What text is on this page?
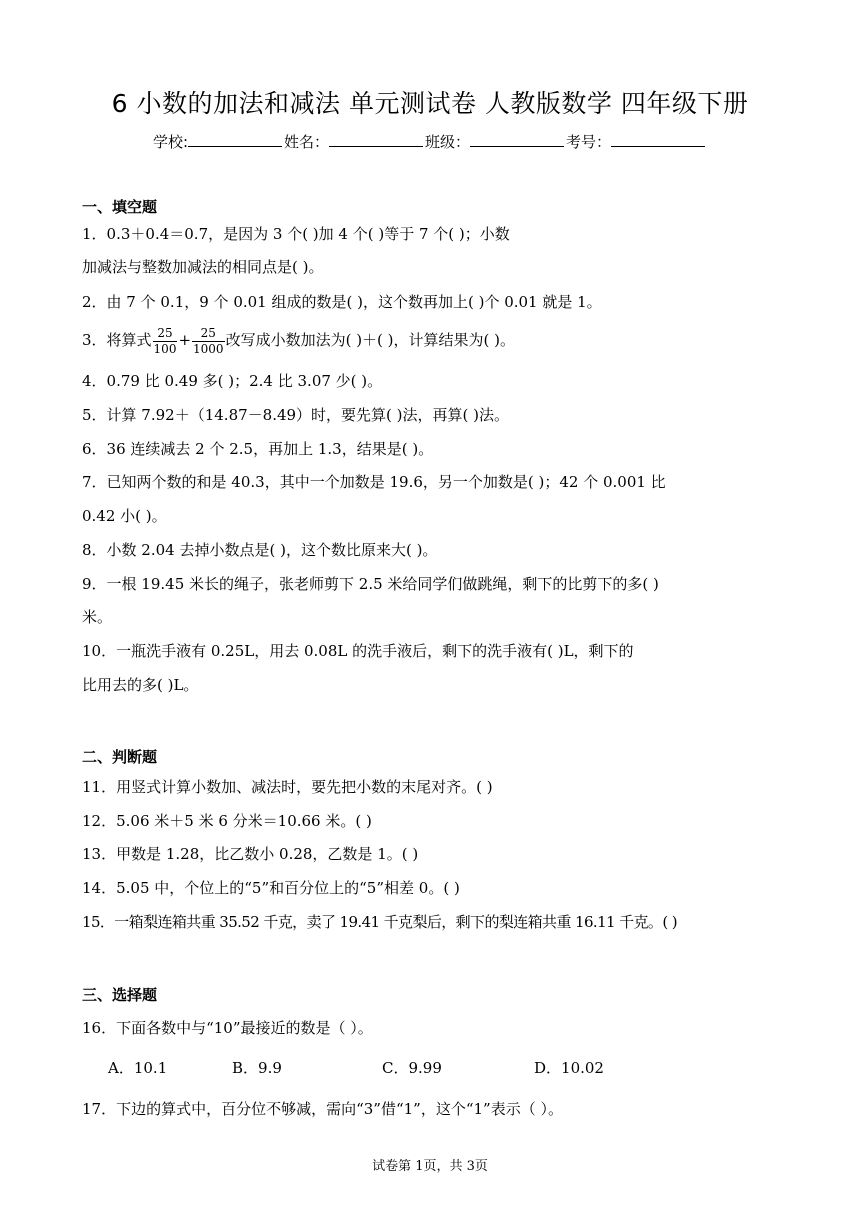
6 小数的加法和减法 单元测试卷 人教版数学 四年级下册
学校:	姓名：	班级：	考号：
一、填空题
1．0.3＋0.4＝0.7，是因为 3 个( )加 4 个( )等于 7 个( )；小数
加减法与整数加减法的相同点是( )。
2．由 7 个 0.1，9 个 0.01 组成的数是( )，这个数再加上( )个 0.01 就是 1。
3．将算式 $\frac{25}{100} + \frac{25}{1000}$ 改写成小数加法为( )＋( )，计算结果为( )。
4．0.79 比 0.49 多( )；2.4 比 3.07 少( )。
5．计算 7.92＋（14.87－8.49）时，要先算( )法，再算( )法。
6．36 连续减去 2 个 2.5，再加上 1.3，结果是( )。
7．已知两个数的和是 40.3，其中一个加数是 19.6，另一个加数是( )；42 个 0.001 比
0.42 小( )。
8．小数 2.04 去掉小数点是( )，这个数比原来大( )。
9．一根 19.45 米长的绳子，张老师剪下 2.5 米给同学们做跳绳，剩下的比剪下的多( )
米。
10．一瓶洗手液有 0.25L，用去 0.08L 的洗手液后，剩下的洗手液有( )L，剩下的
比用去的多( )L。
二、判断题
11．用竖式计算小数加、减法时，要先把小数的末尾对齐。( )
12．5.06 米＋5 米 6 分米＝10.66 米。( )
13．甲数是 1.28，比乙数小 0.28，乙数是 1。( )
14．5.05 中，个位上的“5”和百分位上的“5”相差 0。( )
15．一箱梨连箱共重 35.52 千克，卖了 19.41 千克梨后，剩下的梨连箱共重 16.11 千克。( )
三、选择题
16．下面各数中与“10”最接近的数是（ ）。
A．10.1	B．9.9	C．9.99	D．10.02
17．下边的算式中，百分位不够减，需向“3”借“1”，这个“1”表示（ ）。
试卷第 1页，共 3页
